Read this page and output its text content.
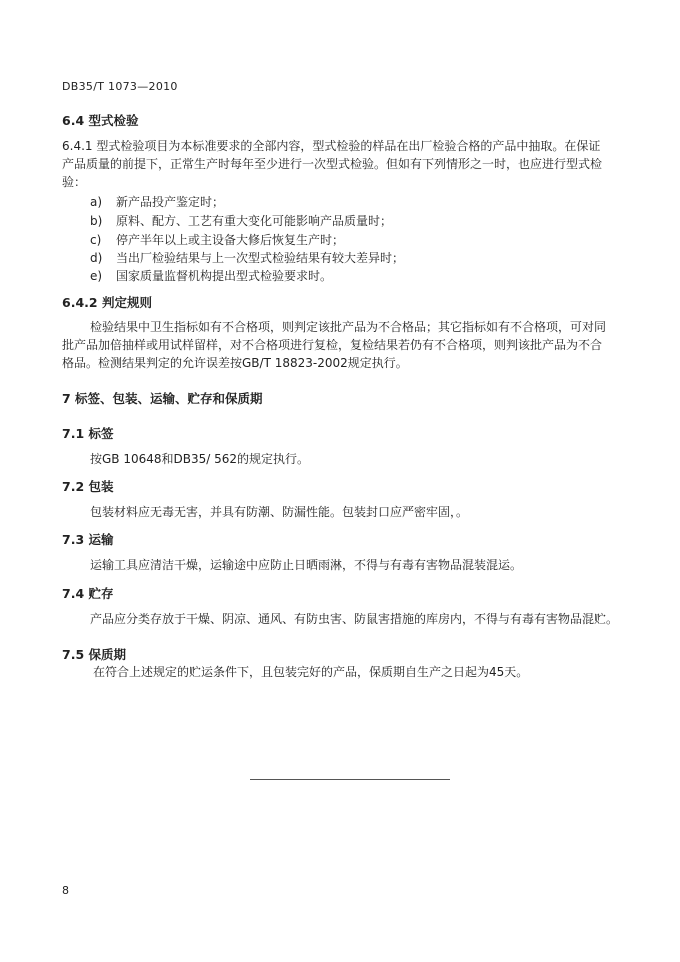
DB35/T 1073—2010
6.4 型式检验
6.4.1 型式检验项目为本标准要求的全部内容，型式检验的样品在出厂检验合格的产品中抽取。在保证
产品质量的前提下，正常生产时每年至少进行一次型式检验。但如有下列情形之一时，也应进行型式检
验：
a) 新产品投产鉴定时；
b) 原料、配方、工艺有重大变化可能影响产品质量时；
c) 停产半年以上或主设备大修后恢复生产时；
d) 当出厂检验结果与上一次型式检验结果有较大差异时；
e) 国家质量监督机构提出型式检验要求时。
6.4.2 判定规则
检验结果中卫生指标如有不合格项，则判定该批产品为不合格品；其它指标如有不合格项，可对同
批产品加倍抽样或用试样留样，对不合格项进行复检，复检结果若仍有不合格项，则判该批产品为不合
格品。检测结果判定的允许误差按GB/T 18823-2002规定执行。
7 标签、包装、运输、贮存和保质期
7.1 标签
按GB 10648和DB35/ 562的规定执行。
7.2 包装
包装材料应无毒无害，并具有防潮、防漏性能。包装封口应严密牢固，。
7.3 运输
运输工具应清洁干燥，运输途中应防止日晒雨淋，不得与有毒有害物品混装混运。
7.4 贮存
产品应分类存放于干燥、阴凉、通风、有防虫害、防鼠害措施的库房内，不得与有毒有害物品混贮。
7.5 保质期
在符合上述规定的贮运条件下，且包装完好的产品，保质期自生产之日起为45天。
8
